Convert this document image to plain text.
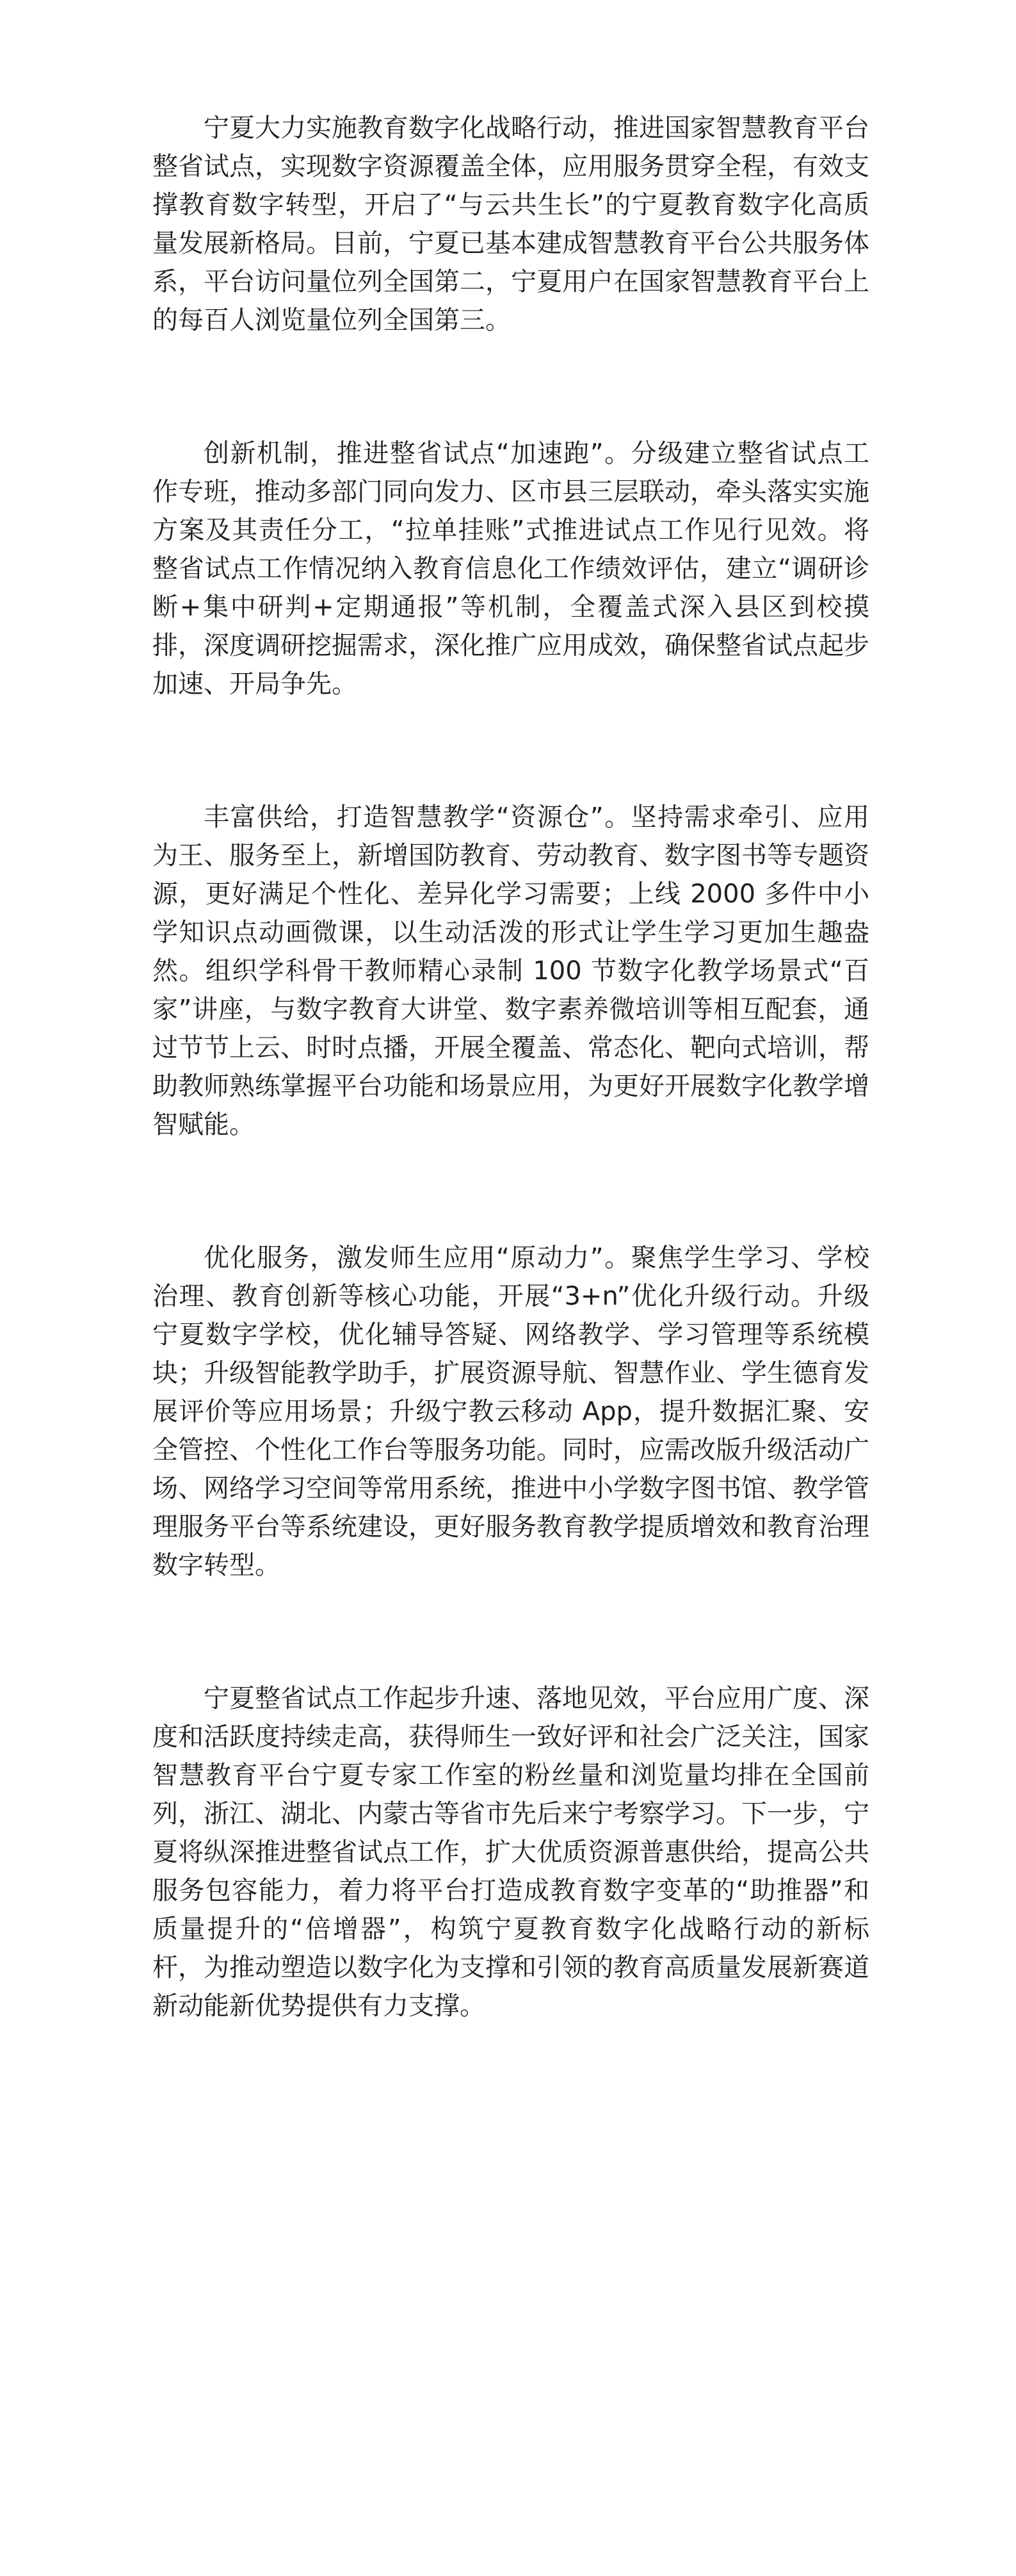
宁夏大力实施教育数字化战略行动，推进国家智慧教育平台整省试点，实现数字资源覆盖全体，应用服务贯穿全程，有效支撑教育数字转型，开启了“与云共生长”的宁夏教育数字化高质量发展新格局。目前，宁夏已基本建成智慧教育平台公共服务体系，平台访问量位列全国第二，宁夏用户在国家智慧教育平台上的每百人浏览量位列全国第三。

创新机制，推进整省试点“加速跑”。分级建立整省试点工作专班，推动多部门同向发力、区市县三层联动，牵头落实实施方案及其责任分工，“拉单挂账”式推进试点工作见行见效。将整省试点工作情况纳入教育信息化工作绩效评估，建立“调研诊断+集中研判+定期通报”等机制，全覆盖式深入县区到校摸排，深度调研挖掘需求，深化推广应用成效，确保整省试点起步加速、开局争先。

丰富供给，打造智慧教学“资源仓”。坚持需求牵引、应用为王、服务至上，新增国防教育、劳动教育、数字图书等专题资源，更好满足个性化、差异化学习需要；上线 2000 多件中小学知识点动画微课，以生动活泼的形式让学生学习更加生趣盎然。组织学科骨干教师精心录制 100 节数字化教学场景式“百家”讲座，与数字教育大讲堂、数字素养微培训等相互配套，通过节节上云、时时点播，开展全覆盖、常态化、靶向式培训，帮助教师熟练掌握平台功能和场景应用，为更好开展数字化教学增智赋能。

优化服务，激发师生应用“原动力”。聚焦学生学习、学校治理、教育创新等核心功能，开展“3+n”优化升级行动。升级宁夏数字学校，优化辅导答疑、网络教学、学习管理等系统模块；升级智能教学助手，扩展资源导航、智慧作业、学生德育发展评价等应用场景；升级宁教云移动 App，提升数据汇聚、安全管控、个性化工作台等服务功能。同时，应需改版升级活动广场、网络学习空间等常用系统，推进中小学数字图书馆、教学管理服务平台等系统建设，更好服务教育教学提质增效和教育治理数字转型。

宁夏整省试点工作起步升速、落地见效，平台应用广度、深度和活跃度持续走高，获得师生一致好评和社会广泛关注，国家智慧教育平台宁夏专家工作室的粉丝量和浏览量均排在全国前列，浙江、湖北、内蒙古等省市先后来宁考察学习。下一步，宁夏将纵深推进整省试点工作，扩大优质资源普惠供给，提高公共服务包容能力，着力将平台打造成教育数字变革的“助推器”和质量提升的“倍增器”，构筑宁夏教育数字化战略行动的新标杆，为推动塑造以数字化为支撑和引领的教育高质量发展新赛道新动能新优势提供有力支撑。
